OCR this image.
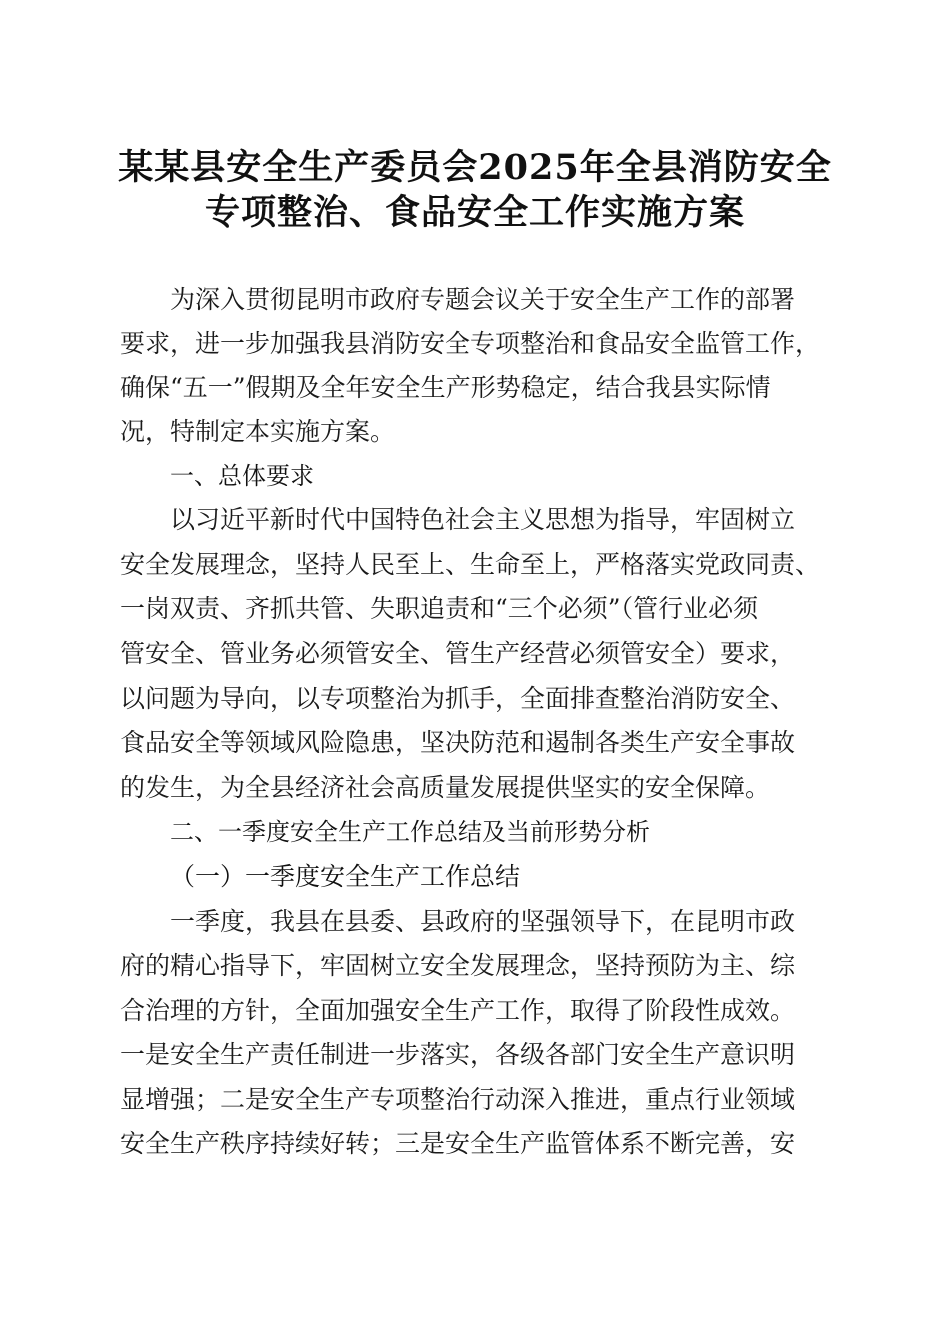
某某县安全生产委员会2025年全县消防安全
专项整治、食品安全工作实施方案
为深入贯彻昆明市政府专题会议关于安全生产工作的部署
要求，进一步加强我县消防安全专项整治和食品安全监管工作，
确保“五一”假期及全年安全生产形势稳定，结合我县实际情
况，特制定本实施方案。
一、总体要求
以习近平新时代中国特色社会主义思想为指导，牢固树立
安全发展理念，坚持人民至上、生命至上，严格落实党政同责、
一岗双责、齐抓共管、失职追责和“三个必须”（管行业必须
管安全、管业务必须管安全、管生产经营必须管安全）要求，
以问题为导向，以专项整治为抓手，全面排查整治消防安全、
食品安全等领域风险隐患，坚决防范和遏制各类生产安全事故
的发生，为全县经济社会高质量发展提供坚实的安全保障。
二、一季度安全生产工作总结及当前形势分析
（一）一季度安全生产工作总结
一季度，我县在县委、县政府的坚强领导下，在昆明市政
府的精心指导下，牢固树立安全发展理念，坚持预防为主、综
合治理的方针，全面加强安全生产工作，取得了阶段性成效。
一是安全生产责任制进一步落实，各级各部门安全生产意识明
显增强；二是安全生产专项整治行动深入推进，重点行业领域
安全生产秩序持续好转；三是安全生产监管体系不断完善，安
